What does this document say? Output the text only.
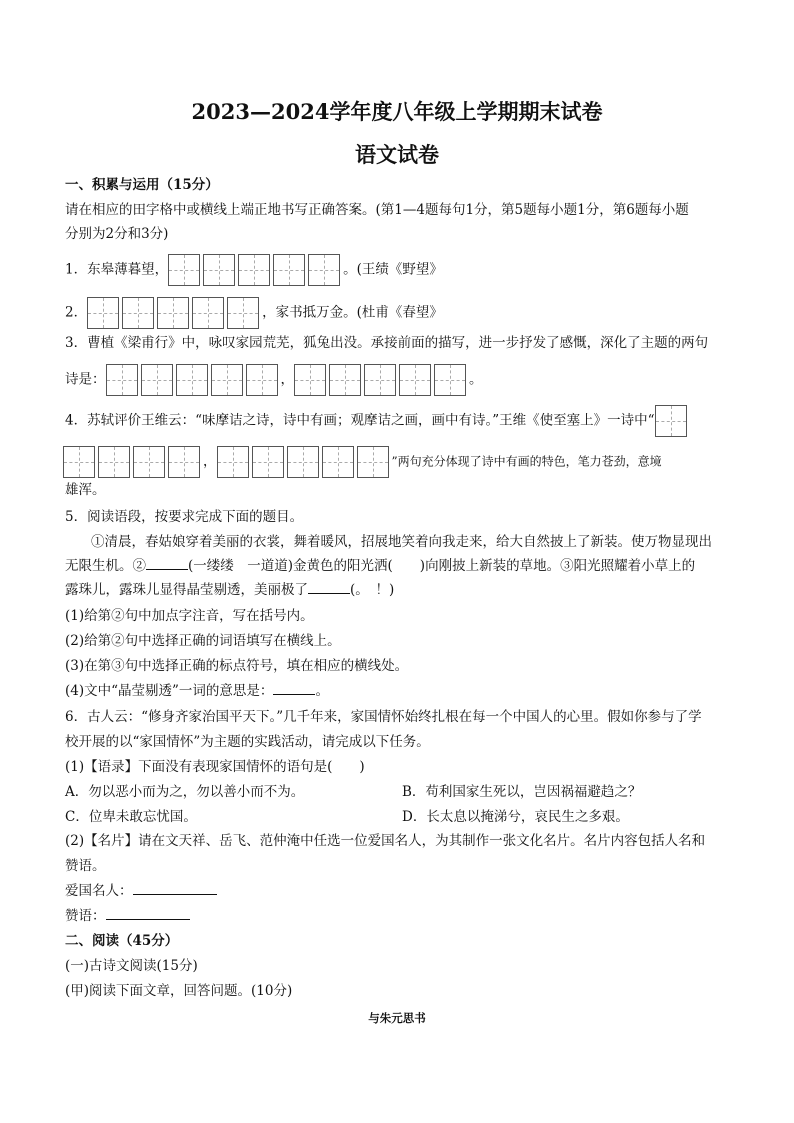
2023—2024学年度八年级上学期期末试卷
语文试卷
一、积累与运用（15分）
请在相应的田字格中或横线上端正地书写正确答案。(第1—4题每句1分，第5题每小题1分，第6题每小题
分别为2分和3分)
1．东皋薄暮望，	。(王绩《野望》
2．	，家书抵万金。(杜甫《春望》
3．曹植《梁甫行》中，咏叹家园荒芜，狐兔出没。承接前面的描写，进一步抒发了感慨，深化了主题的两句
诗是：	，	。
4．苏轼评价王维云：“味摩诘之诗，诗中有画；观摩诘之画，画中有诗。”王维《使至塞上》一诗中“
，	”两句充分体现了诗中有画的特色，笔力苍劲，意境
雄浑。
5．阅读语段，按要求完成下面的题目。
①清晨，春姑娘穿着美丽的衣裳，舞着暖风，招展地笑着向我走来，给大自然披上了新装。使万物显现出
无限生机。②	(一缕缕　一道道)金黄色的阳光洒(　　)向刚披上新装的草地。③阳光照耀着小草上的
露珠儿，露珠儿显得晶莹剔透，美丽极了	(。　！)
(1)给第②句中加点字注音，写在括号内。
(2)给第②句中选择正确的词语填写在横线上。
(3)在第③句中选择正确的标点符号，填在相应的横线处。
(4)文中“晶莹剔透”一词的意思是：	。
6．古人云：“修身齐家治国平天下。”几千年来，家国情怀始终扎根在每一个中国人的心里。假如你参与了学
校开展的以“家国情怀”为主题的实践活动，请完成以下任务。
(1)【语录】下面没有表现家国情怀的语句是(　　)
A．勿以恶小而为之，勿以善小而不为。	B．苟利国家生死以，岂因祸福避趋之？
C．位卑未敢忘忧国。	D．长太息以掩涕兮，哀民生之多艰。
(2)【名片】请在文天祥、岳飞、范仲淹中任选一位爱国名人，为其制作一张文化名片。名片内容包括人名和
赞语。
爱国名人：
赞语：
二、阅读（45分）
(一)古诗文阅读(15分)
(甲)阅读下面文章，回答问题。(10分)
与朱元思书
